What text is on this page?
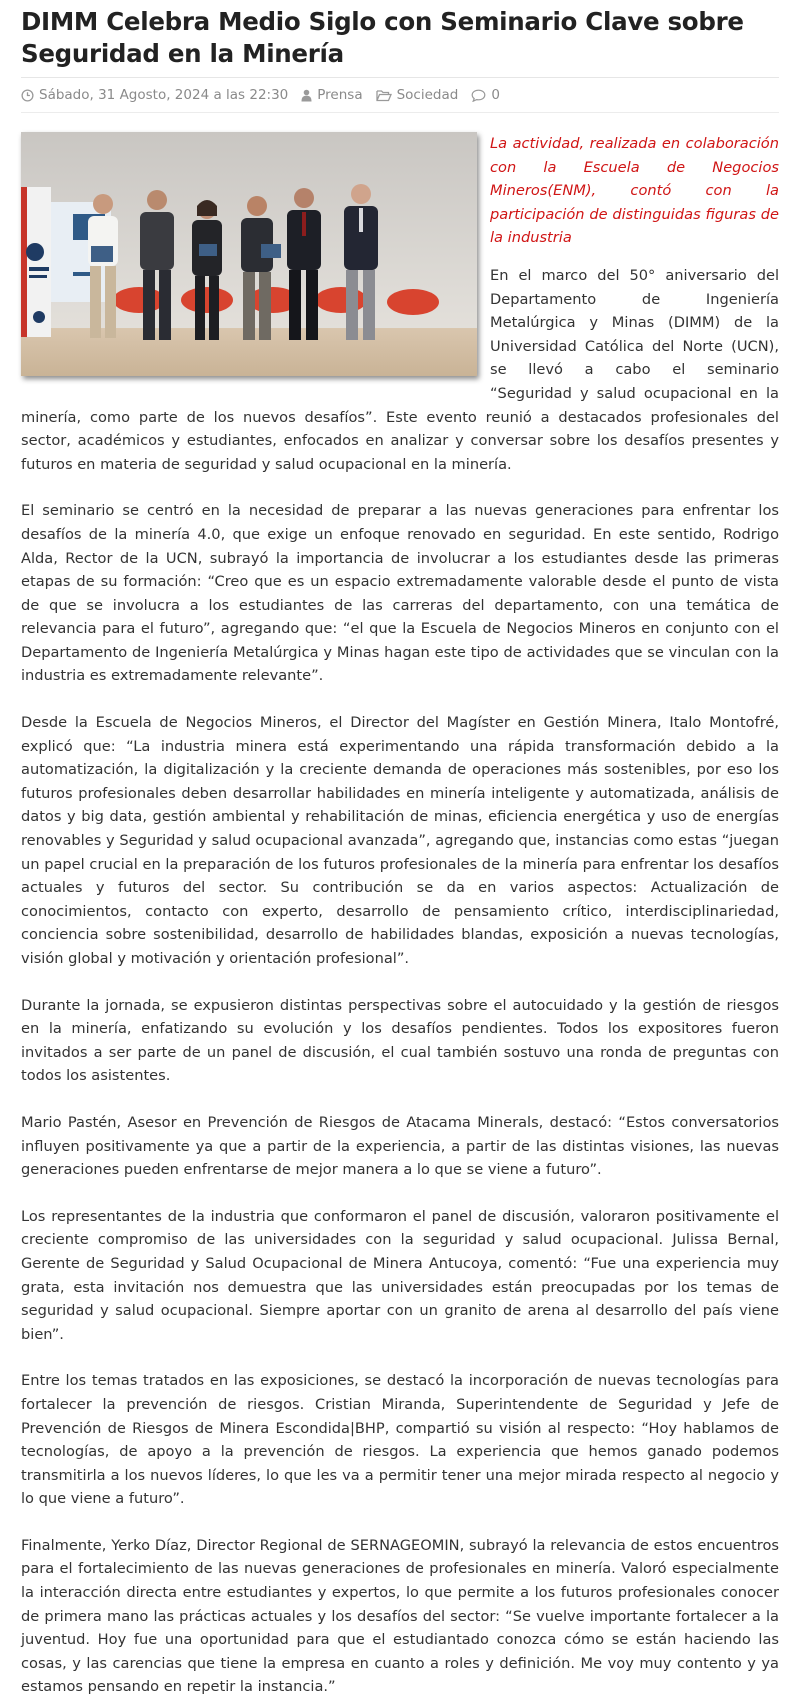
DIMM Celebra Medio Siglo con Seminario Clave sobre Seguridad en la Minería
Sábado, 31 Agosto, 2024 a las 22:30 Prensa	Sociedad 0

La actividad, realizada en colaboración con la Escuela de Negocios Mineros(ENM), contó con la participación de distinguidas figuras de la industria

En el marco del 50° aniversario del Departamento de Ingeniería Metalúrgica y Minas (DIMM) de la Universidad Católica del Norte (UCN), se llevó a cabo el seminario “Seguridad y salud ocupacional en la minería, como parte de los nuevos desafíos”. Este evento reunió a destacados profesionales del sector, académicos y estudiantes, enfocados en analizar y conversar sobre los desafíos presentes y futuros en materia de seguridad y salud ocupacional en la minería.

El seminario se centró en la necesidad de preparar a las nuevas generaciones para enfrentar los desafíos de la minería 4.0, que exige un enfoque renovado en seguridad. En este sentido, Rodrigo Alda, Rector de la UCN, subrayó la importancia de involucrar a los estudiantes desde las primeras etapas de su formación: “Creo que es un espacio extremadamente valorable desde el punto de vista de que se involucra a los estudiantes de las carreras del departamento, con una temática de relevancia para el futuro”, agregando que: “el que la Escuela de Negocios Mineros en conjunto con el Departamento de Ingeniería Metalúrgica y Minas hagan este tipo de actividades que se vinculan con la industria es extremadamente relevante”.

Desde la Escuela de Negocios Mineros, el Director del Magíster en Gestión Minera, Italo Montofré, explicó que: “La industria minera está experimentando una rápida transformación debido a la automatización, la digitalización y la creciente demanda de operaciones más sostenibles, por eso los futuros profesionales deben desarrollar habilidades en minería inteligente y automatizada, análisis de datos y big data, gestión ambiental y rehabilitación de minas, eficiencia energética y uso de energías renovables y Seguridad y salud ocupacional avanzada”, agregando que, instancias como estas “juegan un papel crucial en la preparación de los futuros profesionales de la minería para enfrentar los desafíos actuales y futuros del sector. Su contribución se da en varios aspectos: Actualización de conocimientos, contacto con experto, desarrollo de pensamiento crítico, interdisciplinariedad, conciencia sobre sostenibilidad, desarrollo de habilidades blandas, exposición a nuevas tecnologías, visión global y motivación y orientación profesional”.

Durante la jornada, se expusieron distintas perspectivas sobre el autocuidado y la gestión de riesgos en la minería, enfatizando su evolución y los desafíos pendientes. Todos los expositores fueron invitados a ser parte de un panel de discusión, el cual también sostuvo una ronda de preguntas con todos los asistentes.

Mario Pastén, Asesor en Prevención de Riesgos de Atacama Minerals, destacó: “Estos conversatorios influyen positivamente ya que a partir de la experiencia, a partir de las distintas visiones, las nuevas generaciones pueden enfrentarse de mejor manera a lo que se viene a futuro”.

Los representantes de la industria que conformaron el panel de discusión, valoraron positivamente el creciente compromiso de las universidades con la seguridad y salud ocupacional. Julissa Bernal, Gerente de Seguridad y Salud Ocupacional de Minera Antucoya, comentó: “Fue una experiencia muy grata, esta invitación nos demuestra que las universidades están preocupadas por los temas de seguridad y salud ocupacional. Siempre aportar con un granito de arena al desarrollo del país viene bien”.

Entre los temas tratados en las exposiciones, se destacó la incorporación de nuevas tecnologías para fortalecer la prevención de riesgos. Cristian Miranda, Superintendente de Seguridad y Jefe de Prevención de Riesgos de Minera Escondida|BHP, compartió su visión al respecto: “Hoy hablamos de tecnologías, de apoyo a la prevención de riesgos. La experiencia que hemos ganado podemos transmitirla a los nuevos líderes, lo que les va a permitir tener una mejor mirada respecto al negocio y lo que viene a futuro”.

Finalmente, Yerko Díaz, Director Regional de SERNAGEOMIN, subrayó la relevancia de estos encuentros para el fortalecimiento de las nuevas generaciones de profesionales en minería. Valoró especialmente la interacción directa entre estudiantes y expertos, lo que permite a los futuros profesionales conocer de primera mano las prácticas actuales y los desafíos del sector: “Se vuelve importante fortalecer a la juventud. Hoy fue una oportunidad para que el estudiantado conozca cómo se están haciendo las cosas, y las carencias que tiene la empresa en cuanto a roles y definición. Me voy muy contento y ya estamos pensando en repetir la instancia.”
